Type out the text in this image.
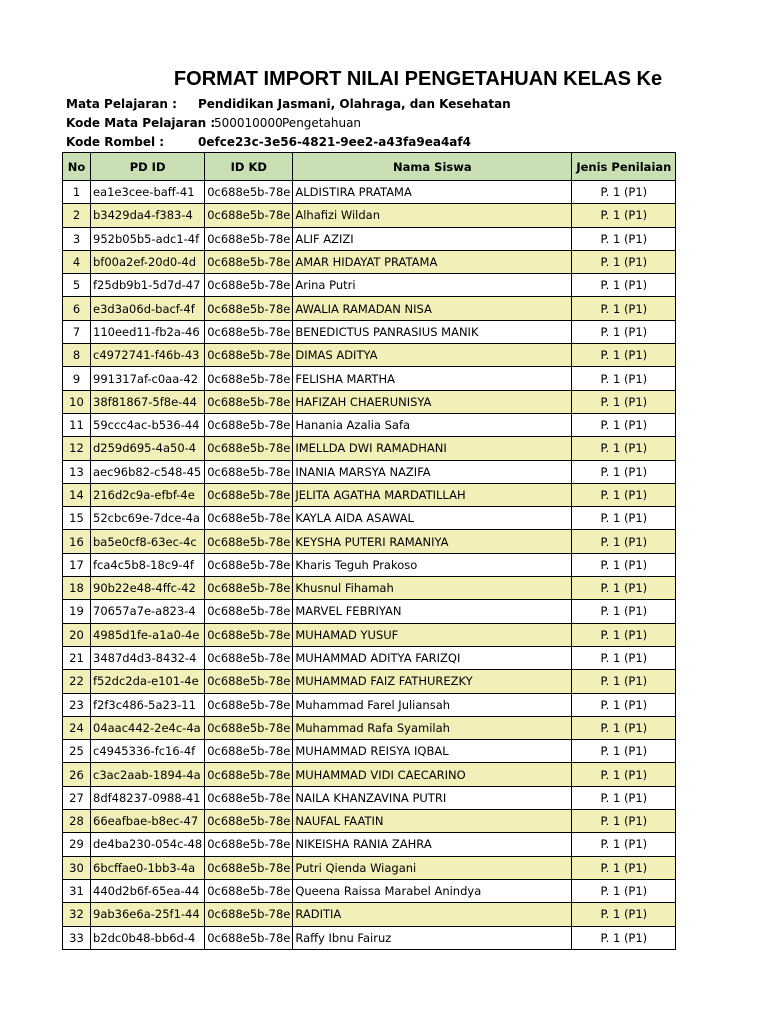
FORMAT IMPORT NILAI PENGETAHUAN KELAS Ke
Mata Pelajaran : Pendidikan Jasmani, Olahraga, dan Kesehatan
Kode Mata Pelajaran :
500010000 Pengetahuan
Kode Rombel :	0efce23c-3e56-4821-9ee2-a43fa9ea4af4
No	PD ID	ID KD	Nama Siswa	Jenis Penilaian
1	ea1e3cee-baff-41	0c688e5b-78e	ALDISTIRA PRATAMA	P. 1 (P1)
2	b3429da4-f383-4	0c688e5b-78e	Alhafizi Wildan	P. 1 (P1)
3	952b05b5-adc1-4f	0c688e5b-78e	ALIF AZIZI	P. 1 (P1)
4	bf00a2ef-20d0-4d	0c688e5b-78e	AMAR HIDAYAT PRATAMA	P. 1 (P1)
5	f25db9b1-5d7d-47	0c688e5b-78e	Arina Putri	P. 1 (P1)
6	e3d3a06d-bacf-4f	0c688e5b-78e	AWALIA RAMADAN NISA	P. 1 (P1)
7	110eed11-fb2a-46	0c688e5b-78e	BENEDICTUS PANRASIUS MANIK	P. 1 (P1)
8	c4972741-f46b-43	0c688e5b-78e	DIMAS ADITYA	P. 1 (P1)
9	991317af-c0aa-42	0c688e5b-78e	FELISHA MARTHA	P. 1 (P1)
10	38f81867-5f8e-44	0c688e5b-78e	HAFIZAH CHAERUNISYA	P. 1 (P1)
11	59ccc4ac-b536-44	0c688e5b-78e	Hanania Azalia Safa	P. 1 (P1)
12	d259d695-4a50-4	0c688e5b-78e	IMELLDA DWI RAMADHANI	P. 1 (P1)
13	aec96b82-c548-45	0c688e5b-78e	INANIA MARSYA NAZIFA	P. 1 (P1)
14	216d2c9a-efbf-4e	0c688e5b-78e	JELITA AGATHA MARDATILLAH	P. 1 (P1)
15	52cbc69e-7dce-4a	0c688e5b-78e	KAYLA AIDA ASAWAL	P. 1 (P1)
16	ba5e0cf8-63ec-4c	0c688e5b-78e	KEYSHA PUTERI RAMANIYA	P. 1 (P1)
17	fca4c5b8-18c9-4f	0c688e5b-78e	Kharis Teguh Prakoso	P. 1 (P1)
18	90b22e48-4ffc-42	0c688e5b-78e	Khusnul Fihamah	P. 1 (P1)
19	70657a7e-a823-4	0c688e5b-78e	MARVEL FEBRIYAN	P. 1 (P1)
20	4985d1fe-a1a0-4e	0c688e5b-78e	MUHAMAD YUSUF	P. 1 (P1)
21	3487d4d3-8432-4	0c688e5b-78e	MUHAMMAD ADITYA FARIZQI	P. 1 (P1)
22	f52dc2da-e101-4e	0c688e5b-78e	MUHAMMAD FAIZ FATHUREZKY	P. 1 (P1)
23	f2f3c486-5a23-11	0c688e5b-78e	Muhammad Farel Juliansah	P. 1 (P1)
24	04aac442-2e4c-4a	0c688e5b-78e	Muhammad Rafa Syamilah	P. 1 (P1)
25	c4945336-fc16-4f	0c688e5b-78e	MUHAMMAD REISYA IQBAL	P. 1 (P1)
26	c3ac2aab-1894-4a	0c688e5b-78e	MUHAMMAD VIDI CAECARINO	P. 1 (P1)
27	8df48237-0988-41	0c688e5b-78e	NAILA KHANZAVINA PUTRI	P. 1 (P1)
28	66eafbae-b8ec-47	0c688e5b-78e	NAUFAL FAATIN	P. 1 (P1)
29	de4ba230-054c-48	0c688e5b-78e	NIKEISHA RANIA ZAHRA	P. 1 (P1)
30	6bcffae0-1bb3-4a	0c688e5b-78e	Putri Qienda Wiagani	P. 1 (P1)
31	440d2b6f-65ea-44	0c688e5b-78e	Queena Raissa Marabel Anindya	P. 1 (P1)
32	9ab36e6a-25f1-44	0c688e5b-78e	RADITIA	P. 1 (P1)
33	b2dc0b48-bb6d-4	0c688e5b-78e	Raffy Ibnu Fairuz	P. 1 (P1)
